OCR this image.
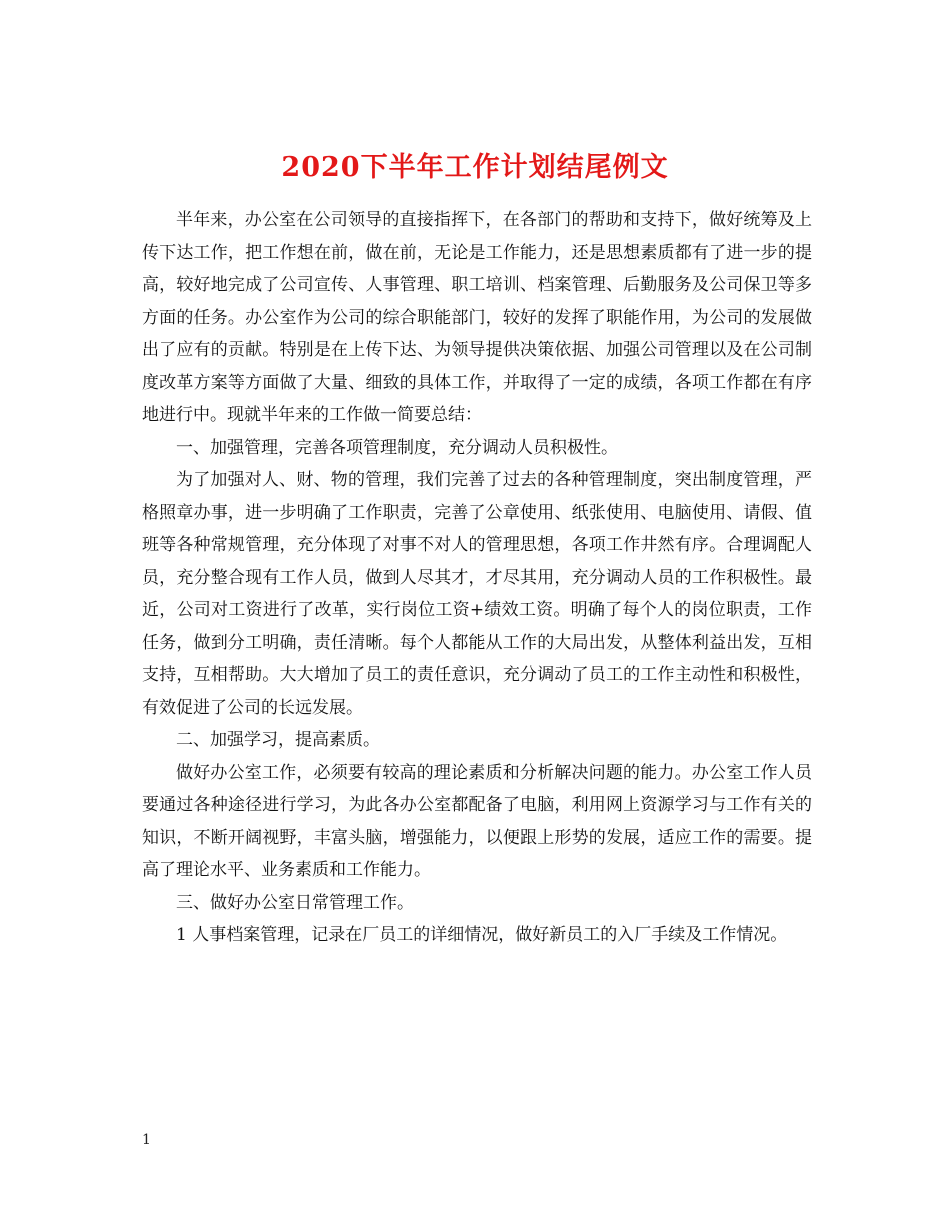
2020下半年工作计划结尾例文

半年来，办公室在公司领导的直接指挥下，在各部门的帮助和支持下，做好统筹及上传下达工作，把工作想在前，做在前，无论是工作能力，还是思想素质都有了进一步的提高，较好地完成了公司宣传、人事管理、职工培训、档案管理、后勤服务及公司保卫等多方面的任务。办公室作为公司的综合职能部门，较好的发挥了职能作用，为公司的发展做出了应有的贡献。特别是在上传下达、为领导提供决策依据、加强公司管理以及在公司制度改革方案等方面做了大量、细致的具体工作，并取得了一定的成绩，各项工作都在有序地进行中。现就半年来的工作做一简要总结：

一、加强管理，完善各项管理制度，充分调动人员积极性。

为了加强对人、财、物的管理，我们完善了过去的各种管理制度，突出制度管理，严格照章办事，进一步明确了工作职责，完善了公章使用、纸张使用、电脑使用、请假、值班等各种常规管理，充分体现了对事不对人的管理思想，各项工作井然有序。合理调配人员，充分整合现有工作人员，做到人尽其才，才尽其用，充分调动人员的工作积极性。最近，公司对工资进行了改革，实行岗位工资+绩效工资。明确了每个人的岗位职责，工作任务，做到分工明确，责任清晰。每个人都能从工作的大局出发，从整体利益出发，互相支持，互相帮助。大大增加了员工的责任意识，充分调动了员工的工作主动性和积极性，有效促进了公司的长远发展。

二、加强学习，提高素质。

做好办公室工作，必须要有较高的理论素质和分析解决问题的能力。办公室工作人员要通过各种途径进行学习，为此各办公室都配备了电脑，利用网上资源学习与工作有关的知识，不断开阔视野，丰富头脑，增强能力，以便跟上形势的发展，适应工作的需要。提高了理论水平、业务素质和工作能力。

三、做好办公室日常管理工作。

1 人事档案管理，记录在厂员工的详细情况，做好新员工的入厂手续及工作情况。

1
